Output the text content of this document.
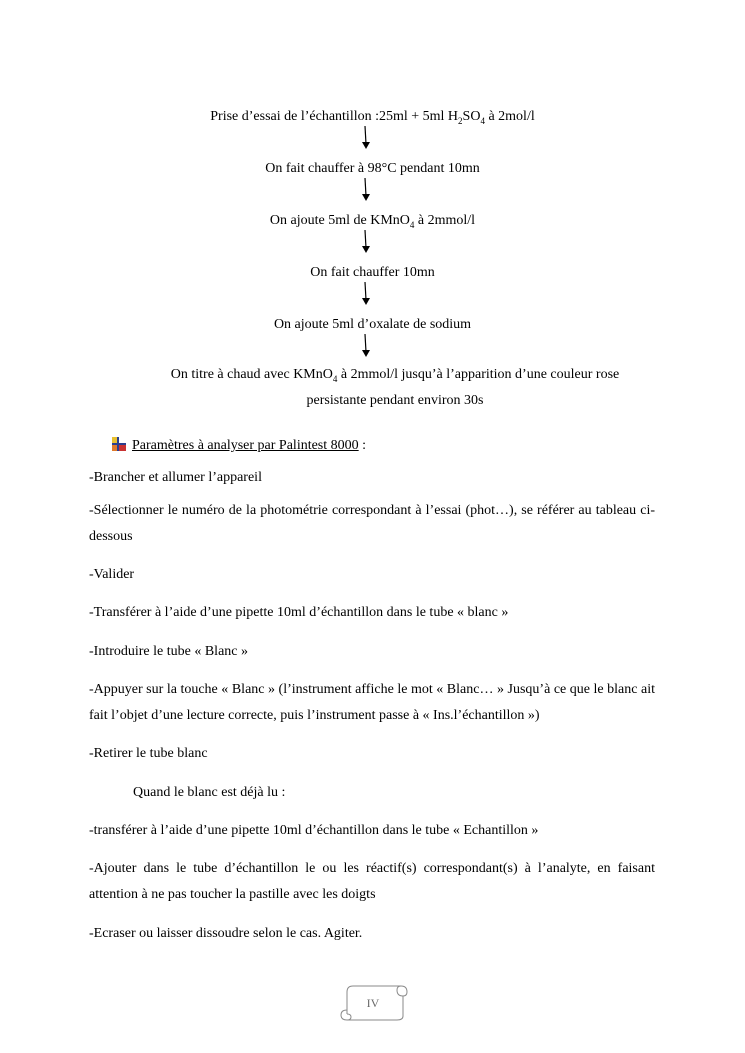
Prise d’essai de l’échantillon :25ml + 5ml $H_2SO_4$ à 2mol/l
On fait chauffer à 98°C pendant 10mn
On ajoute 5ml de KMnO$_4$ à 2mmol/l
On fait chauffer 10mn
On ajoute 5ml d’oxalate de sodium
On titre à chaud avec KMnO$_4$ à 2mmol/l jusqu’à l’apparition d’une couleur rose persistante pendant environ 30s
Paramètres à analyser par Palintest 8000 :
-Brancher et allumer l’appareil
-Sélectionner le numéro de la photométrie correspondant à l’essai (phot…), se référer au tableau ci-dessous
-Valider
-Transférer à l’aide d’une pipette 10ml d’échantillon dans le tube « blanc »
-Introduire le tube « Blanc »
-Appuyer sur la touche « Blanc » (l’instrument affiche le mot « Blanc… » Jusqu’à ce que le blanc ait fait l’objet d’une lecture correcte, puis l’instrument passe à « Ins.l’échantillon »)
-Retirer le tube blanc
Quand le blanc est déjà lu :
-transférer à l’aide d’une pipette 10ml d’échantillon dans le tube « Echantillon »
-Ajouter dans le tube d’échantillon le ou les réactif(s) correspondant(s) à l’analyte, en faisant attention à ne pas toucher la pastille avec les doigts
-Ecraser ou laisser dissoudre selon le cas. Agiter.
IV
